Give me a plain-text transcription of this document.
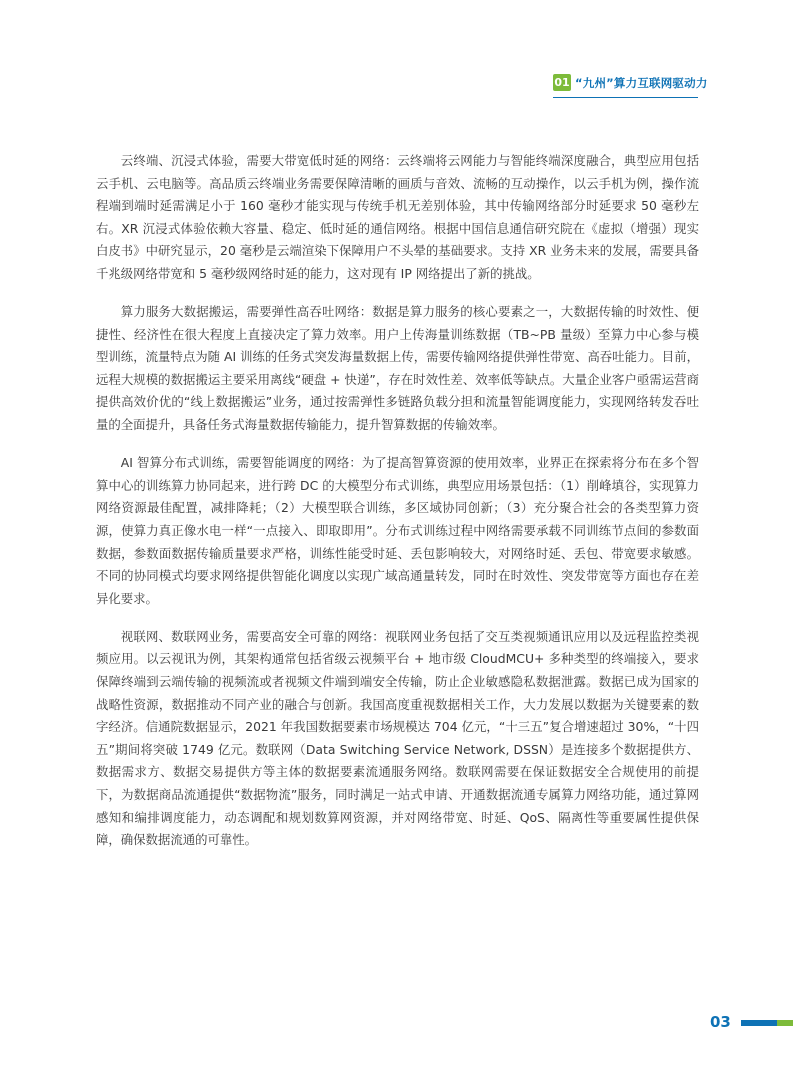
01 “九州”算力互联网驱动力

云终端、沉浸式体验，需要大带宽低时延的网络：云终端将云网能力与智能终端深度融合，典型应用包括云手机、云电脑等。高品质云终端业务需要保障清晰的画质与音效、流畅的互动操作，以云手机为例，操作流程端到端时延需满足小于 160 毫秒才能实现与传统手机无差别体验，其中传输网络部分时延要求 50 毫秒左右。XR 沉浸式体验依赖大容量、稳定、低时延的通信网络。根据中国信息通信研究院在《虚拟（增强）现实白皮书》中研究显示，20 毫秒是云端渲染下保障用户不头晕的基础要求。支持 XR 业务未来的发展，需要具备千兆级网络带宽和 5 毫秒级网络时延的能力，这对现有 IP 网络提出了新的挑战。

算力服务大数据搬运，需要弹性高吞吐网络：数据是算力服务的核心要素之一，大数据传输的时效性、便捷性、经济性在很大程度上直接决定了算力效率。用户上传海量训练数据（TB~PB 量级）至算力中心参与模型训练，流量特点为随 AI 训练的任务式突发海量数据上传，需要传输网络提供弹性带宽、高吞吐能力。目前，远程大规模的数据搬运主要采用离线“硬盘 + 快递”，存在时效性差、效率低等缺点。大量企业客户亟需运营商提供高效价优的“线上数据搬运”业务，通过按需弹性多链路负载分担和流量智能调度能力，实现网络转发吞吐量的全面提升，具备任务式海量数据传输能力，提升智算数据的传输效率。

AI 智算分布式训练，需要智能调度的网络：为了提高智算资源的使用效率，业界正在探索将分布在多个智算中心的训练算力协同起来，进行跨 DC 的大模型分布式训练，典型应用场景包括：（1）削峰填谷，实现算力网络资源最佳配置，减排降耗；（2）大模型联合训练，多区域协同创新；（3）充分聚合社会的各类型算力资源，使算力真正像水电一样“一点接入、即取即用”。分布式训练过程中网络需要承载不同训练节点间的参数面数据，参数面数据传输质量要求严格，训练性能受时延、丢包影响较大，对网络时延、丢包、带宽要求敏感。不同的协同模式均要求网络提供智能化调度以实现广域高通量转发，同时在时效性、突发带宽等方面也存在差异化要求。

视联网、数联网业务，需要高安全可靠的网络：视联网业务包括了交互类视频通讯应用以及远程监控类视频应用。以云视讯为例，其架构通常包括省级云视频平台 + 地市级 CloudMCU+ 多种类型的终端接入，要求保障终端到云端传输的视频流或者视频文件端到端安全传输，防止企业敏感隐私数据泄露。数据已成为国家的战略性资源，数据推动不同产业的融合与创新。我国高度重视数据相关工作，大力发展以数据为关键要素的数字经济。信通院数据显示，2021 年我国数据要素市场规模达 704 亿元，“十三五”复合增速超过 30%，“十四五”期间将突破 1749 亿元。数联网（Data Switching Service Network, DSSN）是连接多个数据提供方、数据需求方、数据交易提供方等主体的数据要素流通服务网络。数联网需要在保证数据安全合规使用的前提下，为数据商品流通提供“数据物流”服务，同时满足一站式申请、开通数据流通专属算力网络功能，通过算网感知和编排调度能力，动态调配和规划数算网资源，并对网络带宽、时延、QoS、隔离性等重要属性提供保障，确保数据流通的可靠性。

03
